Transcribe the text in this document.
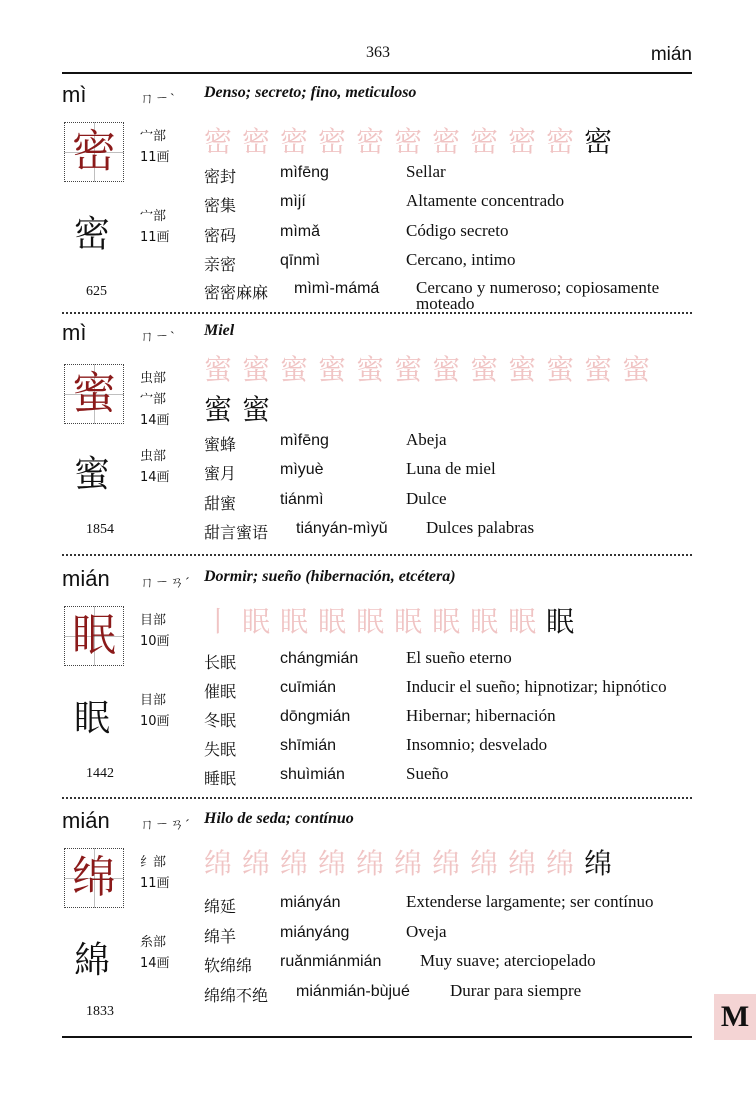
363	mián
mì	ㄇㄧˋ Denso; secreto; fino, meticuloso
密	宀部
11画
密 宀部
11画
625
密密密密密密密密密密密
密封	mìfēng	Sellar
密集	mìjí	Altamente concentrado
密码	mìmǎ	Código secreto
亲密	qīnmì	Cercano, intimo
密密麻麻 mìmì-mámá Cercano y numeroso; copiosamente moteado
mì	ㄇㄧˋ Miel
蜜	虫部
宀部
14画
蜜 虫部
14画
1854
蜜蜜蜜蜜蜜蜜蜜蜜蜜蜜蜜蜜
蜜蜜
蜜蜂	mìfēng	Abeja
蜜月	mìyuè	Luna de miel
甜蜜	tiánmì	Dulce
甜言蜜语 tiányán-mìyǔ Dulces palabras
mián ㄇㄧㄢˊ Dormir; sueño (hibernación, etcétera)
眠	目部
10画
眠 目部
10画
1442
丨眠眠眠眠眠眠眠眠眠
长眠	chángmián	El sueño eterno
催眠	cuīmián	Inducir el sueño; hipnotizar; hipnótico
冬眠	dōngmián	Hibernar; hibernación
失眠	shīmián	Insomnio; desvelado
睡眠	shuìmián	Sueño
mián ㄇㄧㄢˊ Hilo de seda; contínuo
绵	纟部
11画
綿 糸部
14画
1833
绵绵绵绵绵绵绵绵绵绵绵
绵延	miányán	Extenderse largamente; ser contínuo
绵羊	miányáng	Oveja
软绵绵 ruǎnmiánmián Muy suave; aterciopelado
绵绵不绝 miánmián-bùjué Durar para siempre
M
